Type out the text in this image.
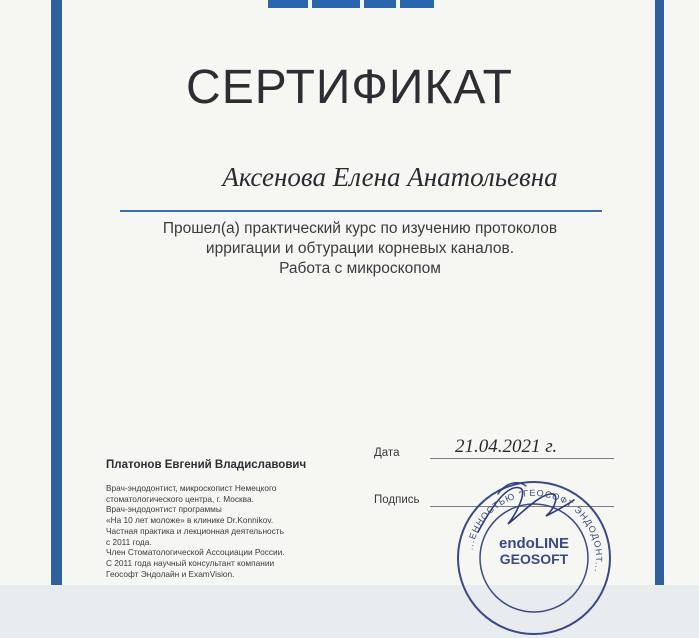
СЕРТИФИКАТ
Аксенова Елена Анатольевна
Прошел(а) практический курс по изучению протоколов
ирригации и обтурации корневых каналов.
Работа с микроскопом
Платонов Евгений Владиславович
Врач-эндодонтист, микроскопист Немецкого
стоматологического центра, г. Москва.
Врач-эндодонтист программы
«На 10 лет моложе» в клинике Dr.Konnikov.
Частная практика и лекционная деятельность
с 2011 года.
Член Стоматологической Ассоциации России.
С 2011 года научный консультант компании
Геософт Эндолайн и ExamVision.
Дата	21.04.2021 г.
Подпись
...ЕННОСТЬЮ "ГЕОСОФТ ЭНДОДОНТ...
endoLINE
GEOSOFT
